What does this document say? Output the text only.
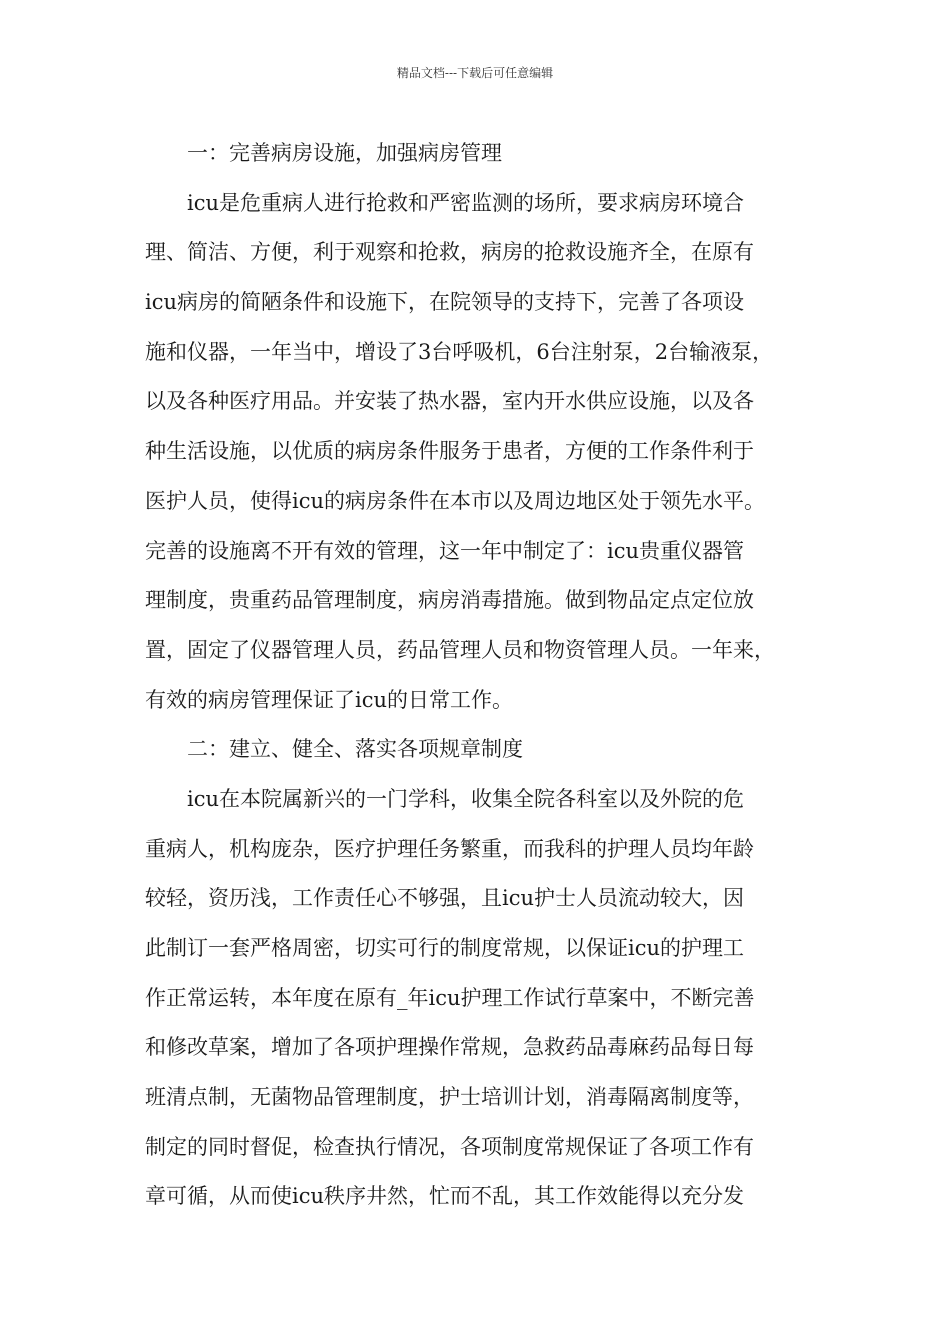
精品文档---下载后可任意编辑
一：完善病房设施，加强病房管理
icu是危重病人进行抢救和严密监测的场所，要求病房环境合
理、简洁、方便，利于观察和抢救，病房的抢救设施齐全，在原有
icu病房的简陋条件和设施下，在院领导的支持下，完善了各项设
施和仪器，一年当中，增设了3台呼吸机，6台注射泵，2台输液泵，
以及各种医疗用品。并安装了热水器，室内开水供应设施，以及各
种生活设施，以优质的病房条件服务于患者，方便的工作条件利于
医护人员，使得icu的病房条件在本市以及周边地区处于领先水平。
完善的设施离不开有效的管理，这一年中制定了：icu贵重仪器管
理制度，贵重药品管理制度，病房消毒措施。做到物品定点定位放
置，固定了仪器管理人员，药品管理人员和物资管理人员。一年来，
有效的病房管理保证了icu的日常工作。
二：建立、健全、落实各项规章制度
icu在本院属新兴的一门学科，收集全院各科室以及外院的危
重病人，机构庞杂，医疗护理任务繁重，而我科的护理人员均年龄
较轻，资历浅，工作责任心不够强，且icu护士人员流动较大，因
此制订一套严格周密，切实可行的制度常规，以保证icu的护理工
作正常运转，本年度在原有_年icu护理工作试行草案中，不断完善
和修改草案，增加了各项护理操作常规，急救药品毒麻药品每日每
班清点制，无菌物品管理制度，护士培训计划，消毒隔离制度等，
制定的同时督促，检查执行情况，各项制度常规保证了各项工作有
章可循，从而使icu秩序井然，忙而不乱，其工作效能得以充分发
